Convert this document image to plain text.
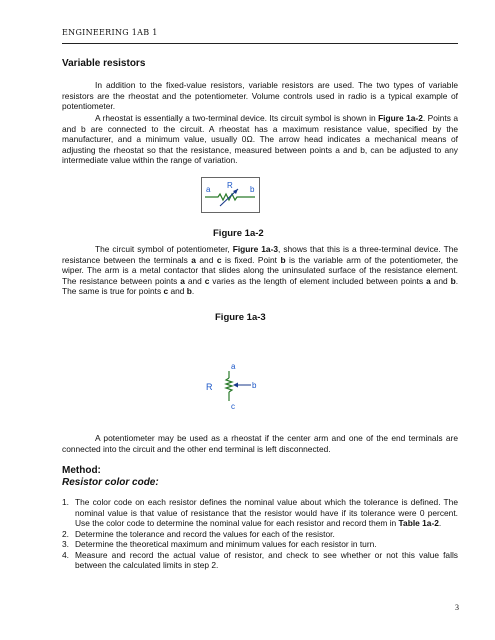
ENGINEERING 1AB 1
Variable resistors
In addition to the fixed-value resistors, variable resistors are used. The two types of variable resistors are the rheostat and the potentiometer. Volume controls used in radio is a typical example of potentiometer.
A rheostat is essentially a two-terminal device. Its circuit symbol is shown in Figure 1a-2. Points a and b are connected to the circuit. A rheostat has a maximum resistance value, specified by the manufacturer, and a minimum value, usually 0Ω. The arrow head indicates a mechanical means of adjusting the rheostat so that the resistance, measured between points a and b, can be adjusted to any intermediate value within the range of variation.
a R b
Figure 1a-2
The circuit symbol of potentiometer, Figure 1a-3, shows that this is a three-terminal device. The resistance between the terminals a and c is fixed. Point b is the variable arm of the potentiometer, the wiper. The arm is a metal contactor that slides along the uninsulated surface of the resistance element. The resistance between points a and c varies as the length of element included between points a and b. The same is true for points c and b.
Figure 1a-3
a
R	b
c
A potentiometer may be used as a rheostat if the center arm and one of the end terminals are connected into the circuit and the other end terminal is left disconnected.
Method:
Resistor color code:
1. The color code on each resistor defines the nominal value about which the tolerance is defined. The nominal value is that value of resistance that the resistor would have if its tolerance were 0 percent. Use the color code to determine the nominal value for each resistor and record them in Table 1a-2.
2. Determine the tolerance and record the values for each of the resistor.
3. Determine the theoretical maximum and minimum values for each resistor in turn.
4. Measure and record the actual value of resistor, and check to see whether or not this value falls between the calculated limits in step 2.
3
